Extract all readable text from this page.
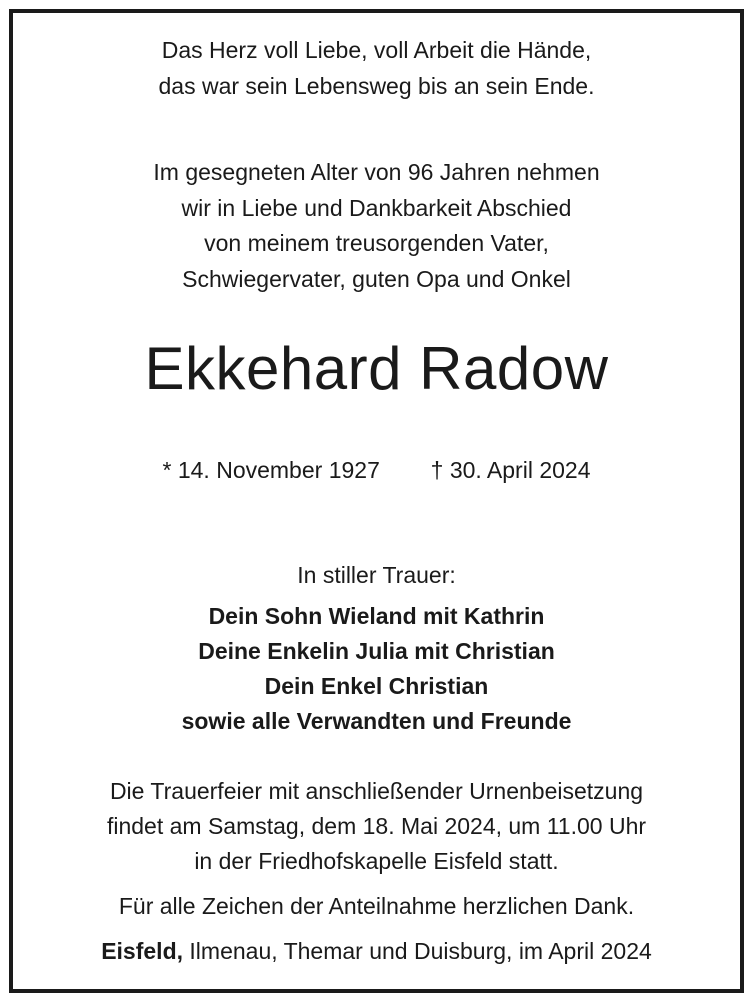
Das Herz voll Liebe, voll Arbeit die Hände,
das war sein Lebensweg bis an sein Ende.
Im gesegneten Alter von 96 Jahren nehmen
wir in Liebe und Dankbarkeit Abschied
von meinem treusorgenden Vater,
Schwiegervater, guten Opa und Onkel
Ekkehard Radow
* 14. November 1927 † 30. April 2024
In stiller Trauer:
Dein Sohn Wieland mit Kathrin
Deine Enkelin Julia mit Christian
Dein Enkel Christian
sowie alle Verwandten und Freunde
Die Trauerfeier mit anschließender Urnenbeisetzung
findet am Samstag, dem 18. Mai 2024, um 11.00 Uhr
in der Friedhofskapelle Eisfeld statt.
Für alle Zeichen der Anteilnahme herzlichen Dank.
Eisfeld, Ilmenau, Themar und Duisburg, im April 2024
